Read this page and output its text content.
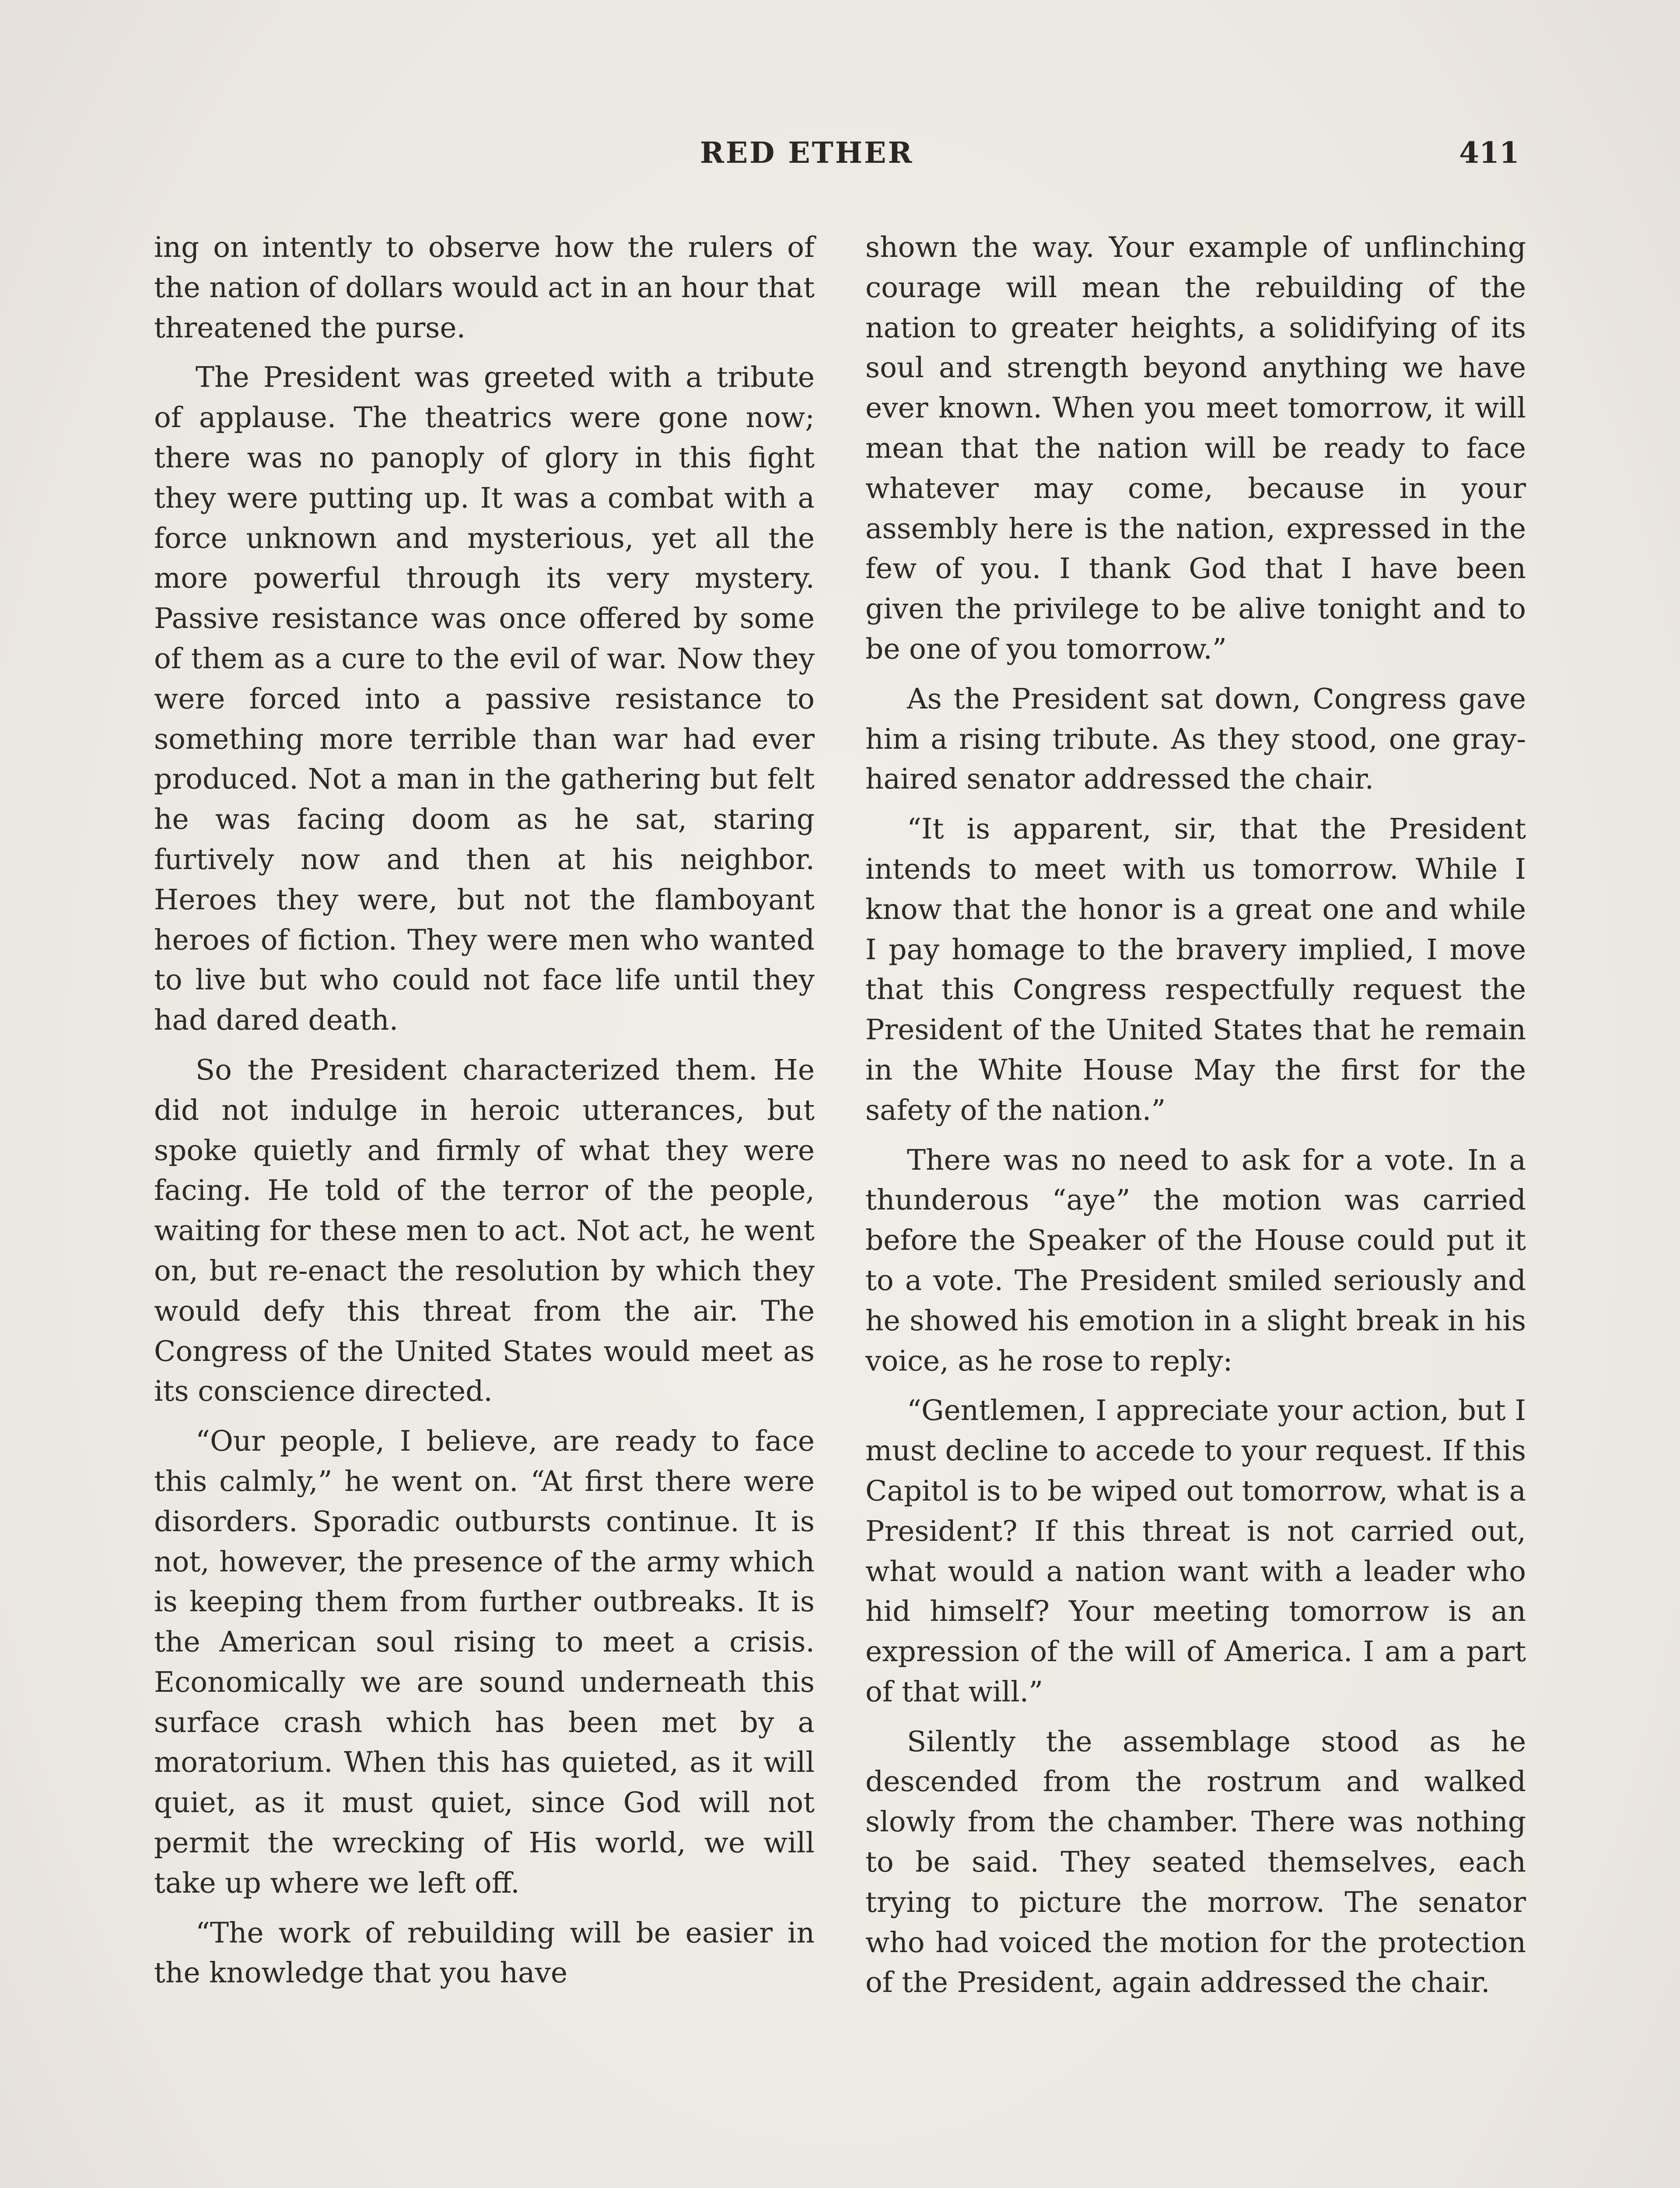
RED ETHER	411

ing on intently to observe how the rulers of the nation of dollars would act in an hour that threatened the purse.

The President was greeted with a tribute of applause. The theatrics were gone now; there was no panoply of glory in this fight they were putting up. It was a combat with a force unknown and mysterious, yet all the more powerful through its very mystery. Passive resistance was once offered by some of them as a cure to the evil of war. Now they were forced into a passive resistance to something more terrible than war had ever produced. Not a man in the gathering but felt he was facing doom as he sat, staring furtively now and then at his neighbor. Heroes they were, but not the flamboyant heroes of fiction. They were men who wanted to live but who could not face life until they had dared death.

So the President characterized them. He did not indulge in heroic utterances, but spoke quietly and firmly of what they were facing. He told of the terror of the people, waiting for these men to act. Not act, he went on, but re-enact the resolution by which they would defy this threat from the air. The Congress of the United States would meet as its conscience directed.

“Our people, I believe, are ready to face this calmly,” he went on. “At first there were disorders. Sporadic outbursts continue. It is not, however, the presence of the army which is keeping them from further outbreaks. It is the American soul rising to meet a crisis. Economically we are sound underneath this surface crash which has been met by a moratorium. When this has quieted, as it will quiet, as it must quiet, since God will not permit the wrecking of His world, we will take up where we left off.

“The work of rebuilding will be easier in the knowledge that you have

shown the way. Your example of unflinching courage will mean the rebuilding of the nation to greater heights, a solidifying of its soul and strength beyond anything we have ever known. When you meet tomorrow, it will mean that the nation will be ready to face whatever may come, because in your assembly here is the nation, expressed in the few of you. I thank God that I have been given the privilege to be alive tonight and to be one of you tomorrow.”

As the President sat down, Congress gave him a rising tribute. As they stood, one gray-haired senator addressed the chair.

“It is apparent, sir, that the President intends to meet with us tomorrow. While I know that the honor is a great one and while I pay homage to the bravery implied, I move that this Congress respectfully request the President of the United States that he remain in the White House May the first for the safety of the nation.”

There was no need to ask for a vote. In a thunderous “aye” the motion was carried before the Speaker of the House could put it to a vote. The President smiled seriously and he showed his emotion in a slight break in his voice, as he rose to reply:

“Gentlemen, I appreciate your action, but I must decline to accede to your request. If this Capitol is to be wiped out tomorrow, what is a President? If this threat is not carried out, what would a nation want with a leader who hid himself? Your meeting tomorrow is an expression of the will of America. I am a part of that will.”

Silently the assemblage stood as he descended from the rostrum and walked slowly from the chamber. There was nothing to be said. They seated themselves, each trying to picture the morrow. The senator who had voiced the motion for the protection of the President, again addressed the chair.
